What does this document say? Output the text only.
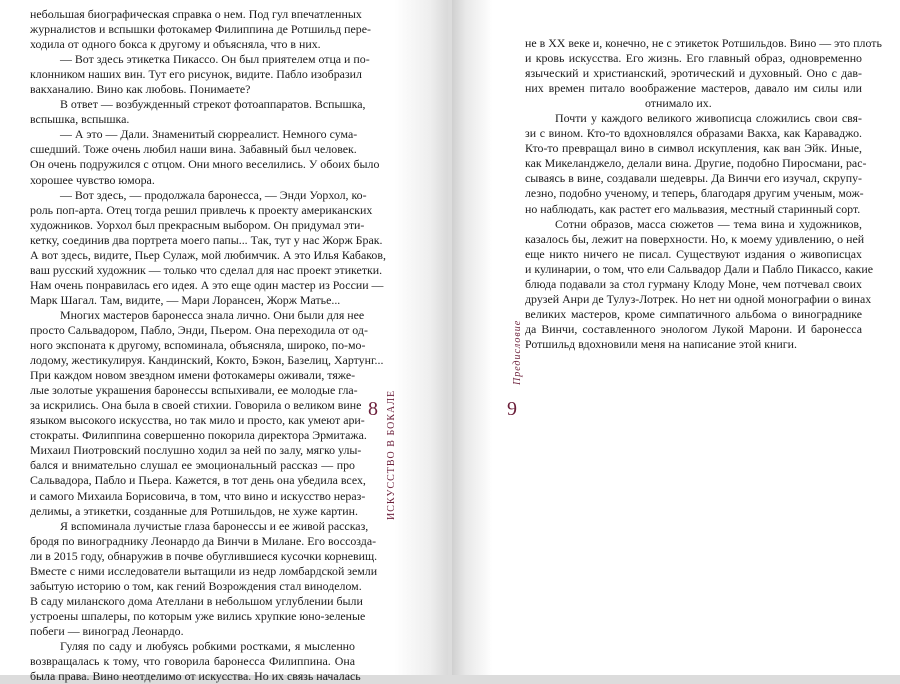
небольшая биографическая справка о нем. Под гул впечатленных
журналистов и вспышки фотокамер Филиппина де Ротшильд пере-
ходила от одного бокса к другому и объясняла, что в них.
— Вот здесь этикетка Пикассо. Он был приятелем отца и по-
клонником наших вин. Тут его рисунок, видите. Пабло изобразил
вакханалию. Вино как любовь. Понимаете?
В ответ — возбужденный стрекот фотоаппаратов. Вспышка,
вспышка, вспышка.
— А это — Дали. Знаменитый сюрреалист. Немного сума-
сшедший. Тоже очень любил наши вина. Забавный был человек.
Он очень подружился с отцом. Они много веселились. У обоих было
хорошее чувство юмора.
— Вот здесь, — продолжала баронесса, — Энди Уорхол, ко-
роль поп-арта. Отец тогда решил привлечь к проекту американских
художников. Уорхол был прекрасным выбором. Он придумал эти-
кетку, соединив два портрета моего папы... Так, тут у нас Жорж Брак.
А вот здесь, видите, Пьер Сулаж, мой любимчик. А это Илья Кабаков,
ваш русский художник — только что сделал для нас проект этикетки.
Нам очень понравилась его идея. А это еще один мастер из России —
Марк Шагал. Там, видите, — Мари Лорансен, Жорж Матье...
Многих мастеров баронесса знала лично. Они были для нее
просто Сальвадором, Пабло, Энди, Пьером. Она переходила от од-
ного экспоната к другому, вспоминала, объясняла, широко, по-мо-
лодому, жестикулируя. Кандинский, Кокто, Бэкон, Базелиц, Хартунг...
При каждом новом звездном имени фотокамеры оживали, тяже-
лые золотые украшения баронессы вспыхивали, ее молодые гла-
за искрились. Она была в своей стихии. Говорила о великом вине
языком высокого искусства, но так мило и просто, как умеют ари-
стократы. Филиппина совершенно покорила директора Эрмитажа.
Михаил Пиотровский послушно ходил за ней по залу, мягко улы-
бался и внимательно слушал ее эмоциональный рассказ — про
Сальвадора, Пабло и Пьера. Кажется, в тот день она убедила всех,
и самого Михаила Борисовича, в том, что вино и искусство нераз-
делимы, а этикетки, созданные для Ротшильдов, не хуже картин.
Я вспоминала лучистые глаза баронессы и ее живой рассказ,
бродя по винограднику Леонардо да Винчи в Милане. Его воссозда-
ли в 2015 году, обнаружив в почве обуглившиеся кусочки корневищ.
Вместе с ними исследователи вытащили из недр ломбардской земли
забытую историю о том, как гений Возрождения стал виноделом.
В саду миланского дома Ателлани в небольшом углублении были
устроены шпалеры, по которым уже вились хрупкие юно-зеленые
побеги — виноград Леонардо.
Гуляя по саду и любуясь робкими ростками, я мысленно
возвращалась к тому, что говорила баронесса Филиппина. Она
была права. Вино неотделимо от искусства. Но их связь началась
8 ИСКУССТВО В БОКАЛЕ
не в XX веке и, конечно, не с этикеток Ротшильдов. Вино — это плоть
и кровь искусства. Его жизнь. Его главный образ, одновременно
языческий и христианский, эротический и духовный. Оно с дав-
них времен питало воображение мастеров, давало им силы или
отнимало их.
Почти у каждого великого живописца сложились свои свя-
зи с вином. Кто-то вдохновлялся образами Вакха, как Караваджо.
Кто-то превращал вино в символ искупления, как ван Эйк. Иные,
как Микеланджело, делали вина. Другие, подобно Пиросмани, рас-
сываясь в вине, создавали шедевры. Да Винчи его изучал, скрупу-
лезно, подобно ученому, и теперь, благодаря другим ученым, мож-
но наблюдать, как растет его мальвазия, местный старинный сорт.
Сотни образов, масса сюжетов — тема вина и художников,
казалось бы, лежит на поверхности. Но, к моему удивлению, о ней
еще никто ничего не писал. Существуют издания о живописцах
и кулинарии, о том, что ели Сальвадор Дали и Пабло Пикассо, какие
блюда подавали за стол гурману Клоду Моне, чем потчевал своих
друзей Анри де Тулуз-Лотрек. Но нет ни одной монографии о винах
великих мастеров, кроме симпатичного альбома о винограднике
да Винчи, составленного энологом Лукой Марони. И баронесса
Ротшильд вдохновили меня на написание этой книги.
9
Предисловие
